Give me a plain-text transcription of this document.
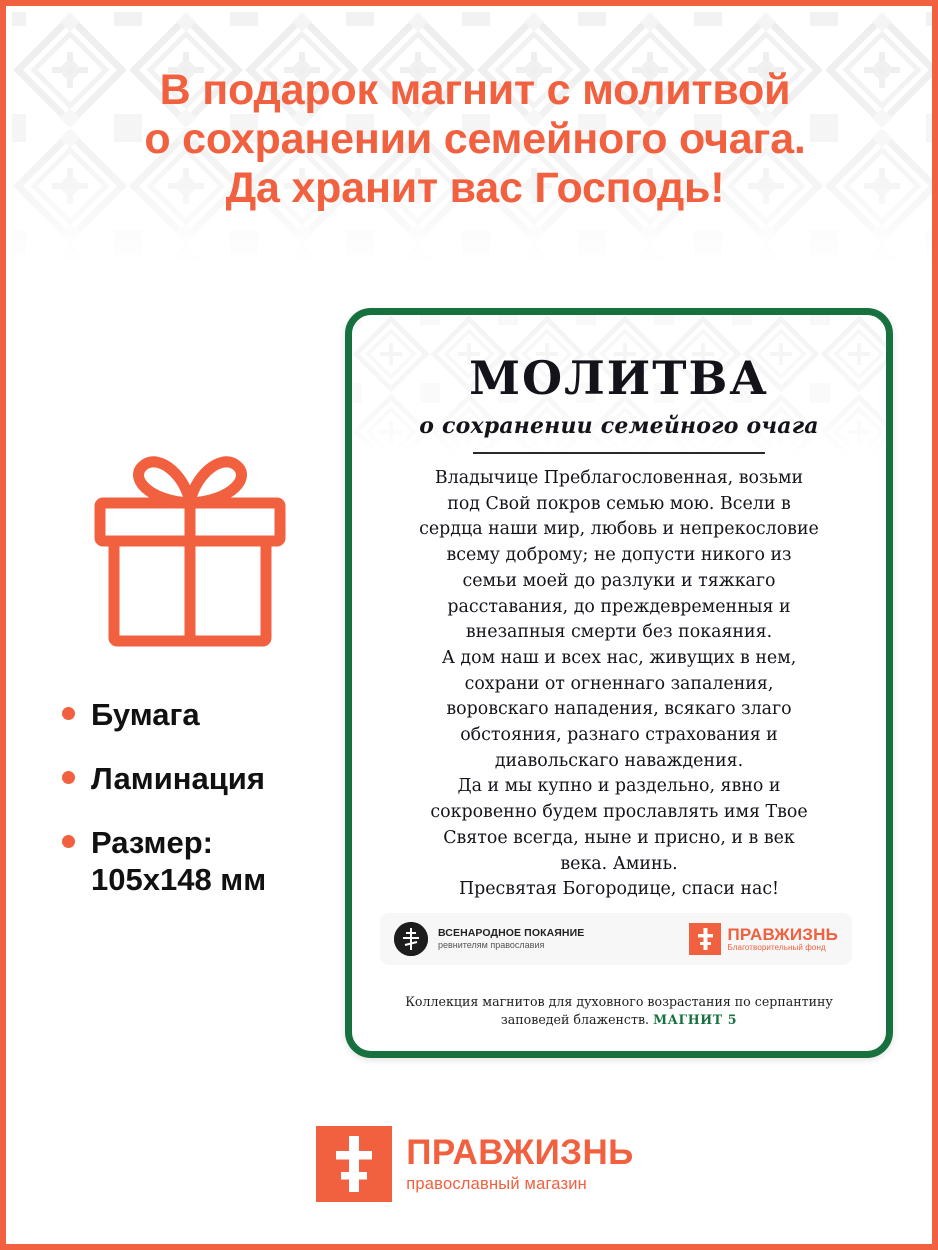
В подарок магнит с молитвой
о сохранении семейного очага.
Да хранит вас Господь!
Бумага
Ламинация
Размер:
105x148 мм
МОЛИТВА
о сохранении семейного очага

Владычице Преблагословенная, возьми

под Свой покров семью мою. Всели в

сердца наши мир, любовь и непрекословие

всему доброму; не допусти никого из

семьи моей до разлуки и тяжкаго

расставания, до преждевременныя и

внезапныя смерти без покаяния.

А дом наш и всех нас, живущих в нем,

сохрани от огненнаго запаления,

воровскаго нападения, всякаго злаго

обстояния, разнаго страхования и

диавольскаго наваждения.

Да и мы купно и раздельно, явно и

сокровенно будем прославлять имя Твое

Святое всегда, ныне и присно, и в век

века. Аминь.

Пресвятая Богородице, спаси нас!

ВСЕНАРОДНОЕ ПОКАЯНИЕ
ревнителям православия
ПРАВЖИЗНЬ
Благотворительный фонд
Коллекция магнитов для духовного возрастания по серпантину
заповедей блаженств. МАГНИТ 5
ПРАВЖИЗНЬ
православный магазин
